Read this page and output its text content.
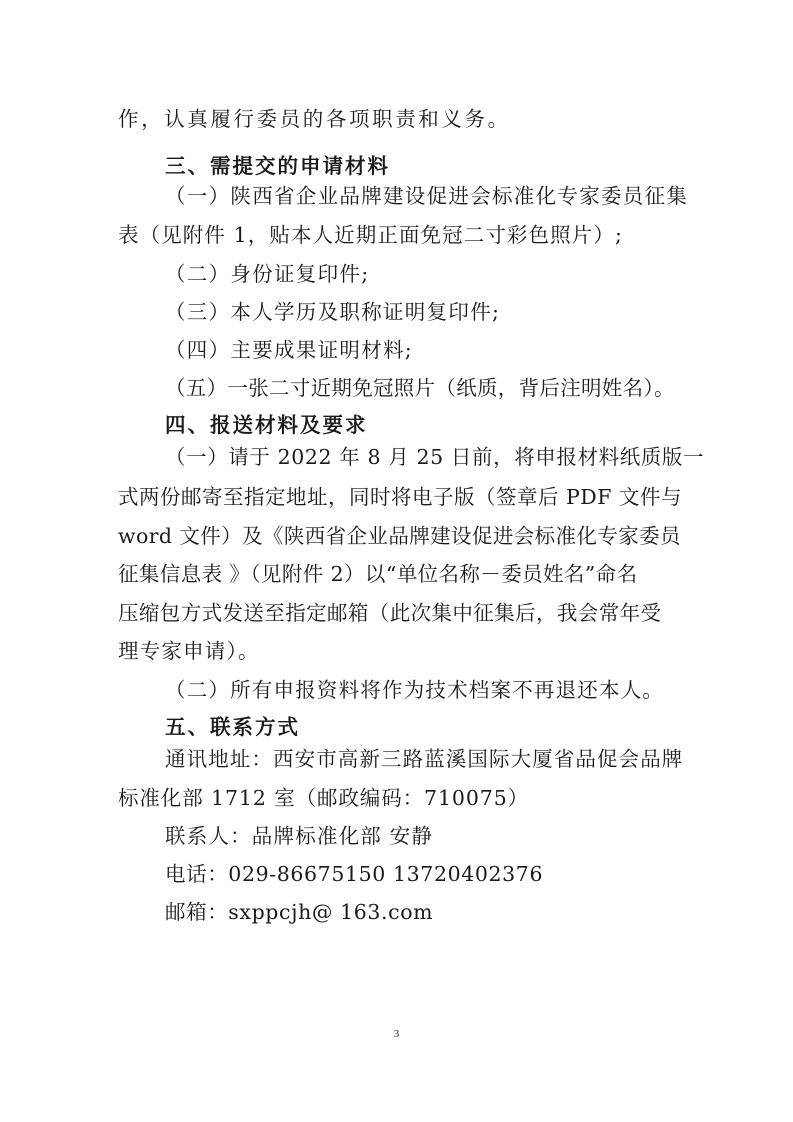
作，认真履行委员的各项职责和义务。

三、需提交的申请材料

（一）陕西省企业品牌建设促进会标准化专家委员征集

表（见附件 1，贴本人近期正面免冠二寸彩色照片）;

（二）身份证复印件;

（三）本人学历及职称证明复印件;

（四）主要成果证明材料;

（五）一张二寸近期免冠照片（纸质，背后注明姓名）。

四、报送材料及要求

（一）请于 2022 年 8 月 25 日前，将申报材料纸质版一

式两份邮寄至指定地址，同时将电子版（签章后 PDF 文件与

word 文件）及《陕西省企业品牌建设促进会标准化专家委员

征集信息表 》（见附件 2）以“单位名称－委员姓名”命名

压缩包方式发送至指定邮箱（此次集中征集后，我会常年受

理专家申请）。

（二）所有申报资料将作为技术档案不再退还本人。

五、联系方式

通讯地址：西安市高新三路蓝溪国际大厦省品促会品牌

标准化部 1712 室（邮政编码：710075）

联系人：品牌标准化部 安静

电话：029-86675150 13720402376

邮箱：sxppcjh@ 163.com

3
